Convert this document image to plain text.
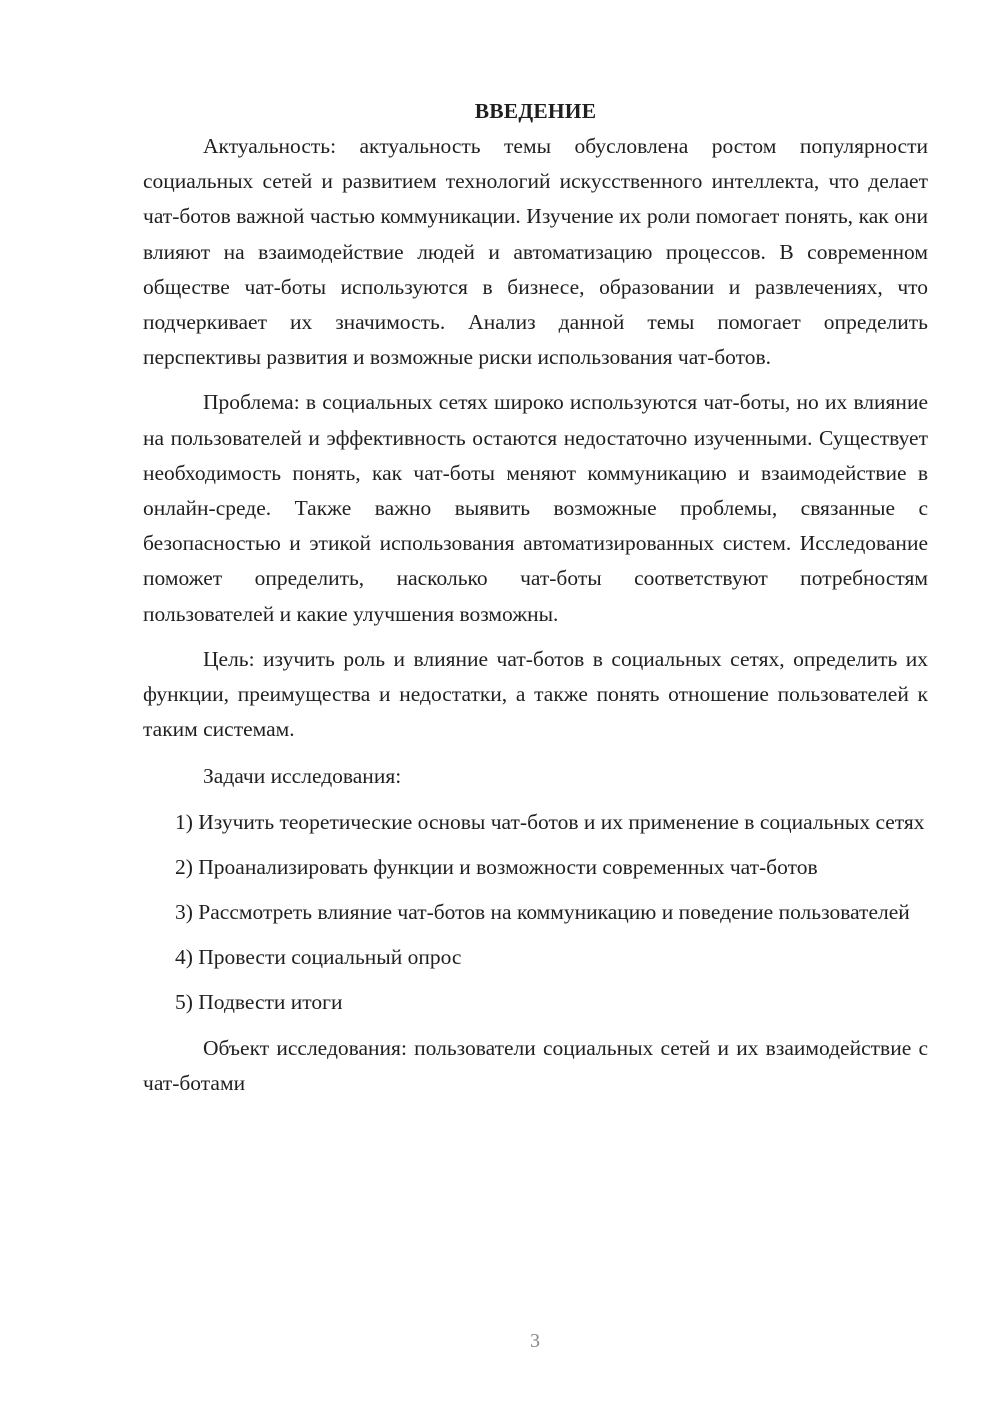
ВВЕДЕНИЕ

Актуальность: актуальность темы обусловлена ростом популярности социальных сетей и развитием технологий искусственного интеллекта, что делает чат-ботов важной частью коммуникации. Изучение их роли помогает понять, как они влияют на взаимодействие людей и автоматизацию процессов. В современном обществе чат-боты используются в бизнесе, образовании и развлечениях, что подчеркивает их значимость. Анализ данной темы помогает определить перспективы развития и возможные риски использования чат-ботов.

Проблема: в социальных сетях широко используются чат-боты, но их влияние на пользователей и эффективность остаются недостаточно изученными. Существует необходимость понять, как чат-боты меняют коммуникацию и взаимодействие в онлайн-среде. Также важно выявить возможные проблемы, связанные с безопасностью и этикой использования автоматизированных систем. Исследование поможет определить, насколько чат-боты соответствуют потребностям пользователей и какие улучшения возможны.

Цель: изучить роль и влияние чат-ботов в социальных сетях, определить их функции, преимущества и недостатки, а также понять отношение пользователей к таким системам.

Задачи исследования:

1) Изучить теоретические основы чат-ботов и их применение в социальных сетях

2) Проанализировать функции и возможности современных чат-ботов

3) Рассмотреть влияние чат-ботов на коммуникацию и поведение пользователей

4) Провести социальный опрос

5) Подвести итоги

Объект исследования: пользователи социальных сетей и их взаимодействие с чат-ботами

3
